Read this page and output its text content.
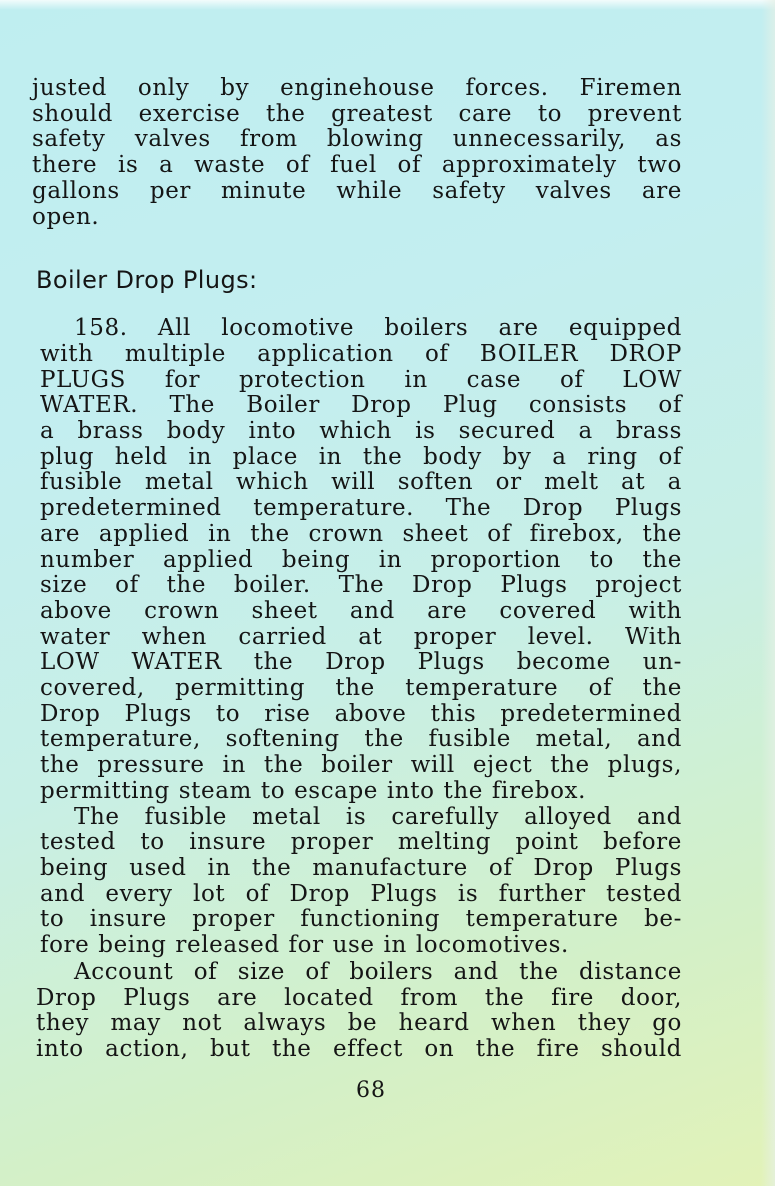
justed only by enginehouse forces. Firemen
should exercise the greatest care to prevent
safety valves from blowing unnecessarily, as
there is a waste of fuel of approximately two
gallons per minute while safety valves are
open.

Boiler Drop Plugs:

158. All locomotive boilers are equipped
with multiple application of BOILER DROP
PLUGS for protection in case of LOW
WATER. The Boiler Drop Plug consists of
a brass body into which is secured a brass
plug held in place in the body by a ring of
fusible metal which will soften or melt at a
predetermined temperature. The Drop Plugs
are applied in the crown sheet of firebox, the
number applied being in proportion to the
size of the boiler. The Drop Plugs project
above crown sheet and are covered with
water when carried at proper level. With
LOW WATER the Drop Plugs become un-
covered, permitting the temperature of the
Drop Plugs to rise above this predetermined
temperature, softening the fusible metal, and
the pressure in the boiler will eject the plugs,
permitting steam to escape into the firebox.

The fusible metal is carefully alloyed and
tested to insure proper melting point before
being used in the manufacture of Drop Plugs
and every lot of Drop Plugs is further tested
to insure proper functioning temperature be-
fore being released for use in locomotives.

Account of size of boilers and the distance
Drop Plugs are located from the fire door,
they may not always be heard when they go
into action, but the effect on the fire should

68
